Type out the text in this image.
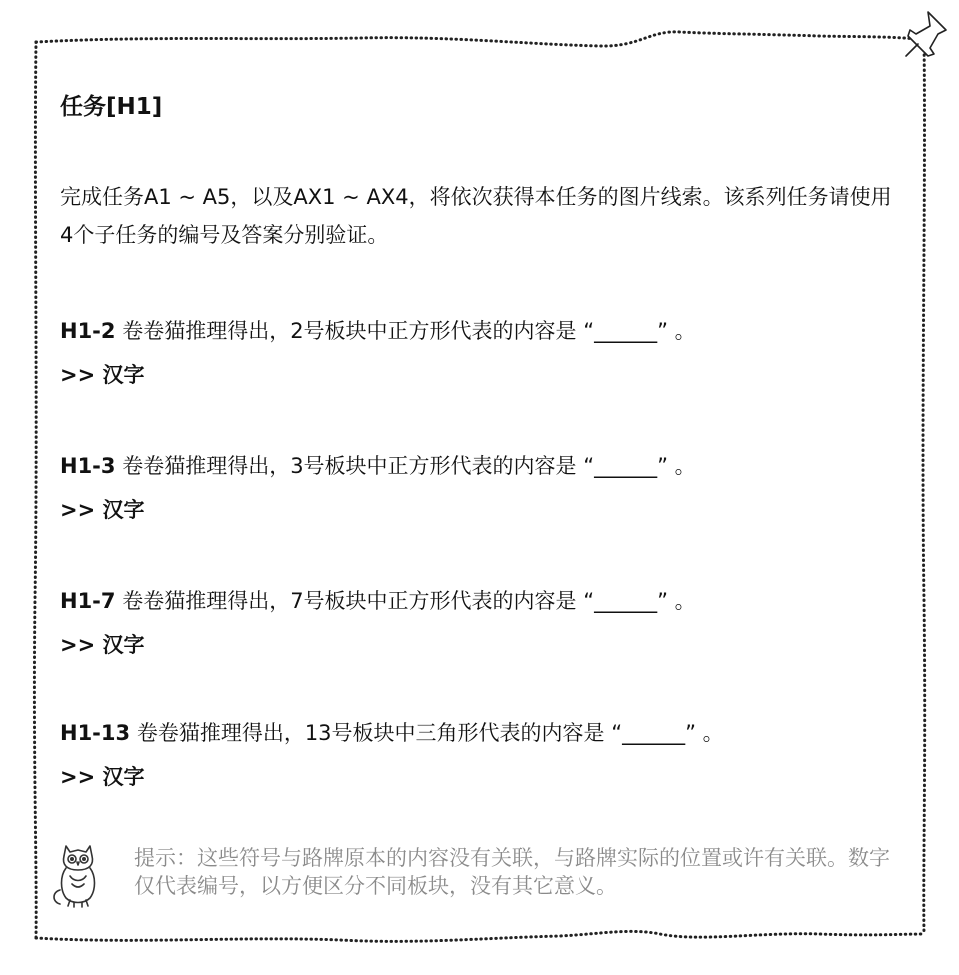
任务[H1]
完成任务A1 ~ A5，以及AX1 ~ AX4，将依次获得本任务的图片线索。该系列任务请使用4个子任务的编号及答案分别验证。
H1-2 卷卷猫推理得出，2号板块中正方形代表的内容是 “______” 。
>> 汉字
H1-3 卷卷猫推理得出，3号板块中正方形代表的内容是 “______” 。
>> 汉字
H1-7 卷卷猫推理得出，7号板块中正方形代表的内容是 “______” 。
>> 汉字
H1-13 卷卷猫推理得出，13号板块中三角形代表的内容是 “______” 。
>> 汉字
提示：这些符号与路牌原本的内容没有关联，与路牌实际的位置或许有关联。数字仅代表编号，以方便区分不同板块，没有其它意义。
